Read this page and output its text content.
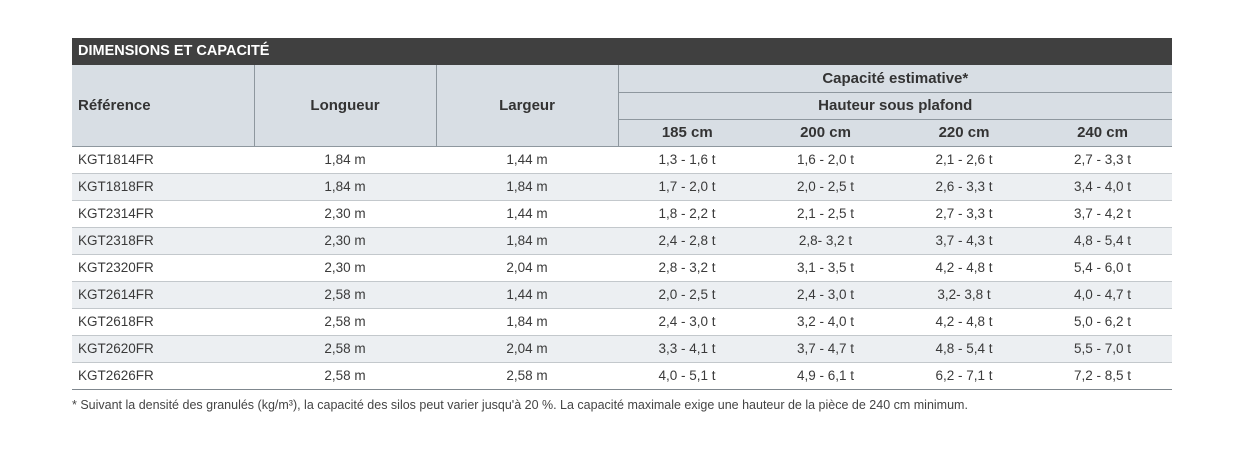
DIMENSIONS ET CAPACITÉ
Référence	Longueur	Largeur	Capacité estimative*			
			Hauteur sous plafond			
			185 cm	200 cm	220 cm	240 cm
KGT1814FR	1,84 m	1,44 m	1,3 - 1,6 t	1,6 - 2,0 t	2,1 - 2,6 t	2,7 - 3,3 t
KGT1818FR	1,84 m	1,84 m	1,7 - 2,0 t	2,0 - 2,5 t	2,6 - 3,3 t	3,4 - 4,0 t
KGT2314FR	2,30 m	1,44 m	1,8 - 2,2 t	2,1 - 2,5 t	2,7 - 3,3 t	3,7 - 4,2 t
KGT2318FR	2,30 m	1,84 m	2,4 - 2,8 t	2,8- 3,2 t	3,7 - 4,3 t	4,8 - 5,4 t
KGT2320FR	2,30 m	2,04 m	2,8 - 3,2 t	3,1 - 3,5 t	4,2 - 4,8 t	5,4 - 6,0 t
KGT2614FR	2,58 m	1,44 m	2,0 - 2,5 t	2,4 - 3,0 t	3,2- 3,8 t	4,0 - 4,7 t
KGT2618FR	2,58 m	1,84 m	2,4 - 3,0 t	3,2 - 4,0 t	4,2 - 4,8 t	5,0 - 6,2 t
KGT2620FR	2,58 m	2,04 m	3,3 - 4,1 t	3,7 - 4,7 t	4,8 - 5,4 t	5,5 - 7,0 t
KGT2626FR	2,58 m	2,58 m	4,0 - 5,1 t	4,9 - 6,1 t	6,2 - 7,1 t	7,2 - 8,5 t
* Suivant la densité des granulés (kg/m³), la capacité des silos peut varier jusqu'à 20 %. La capacité maximale exige une hauteur de la pièce de 240 cm minimum.
